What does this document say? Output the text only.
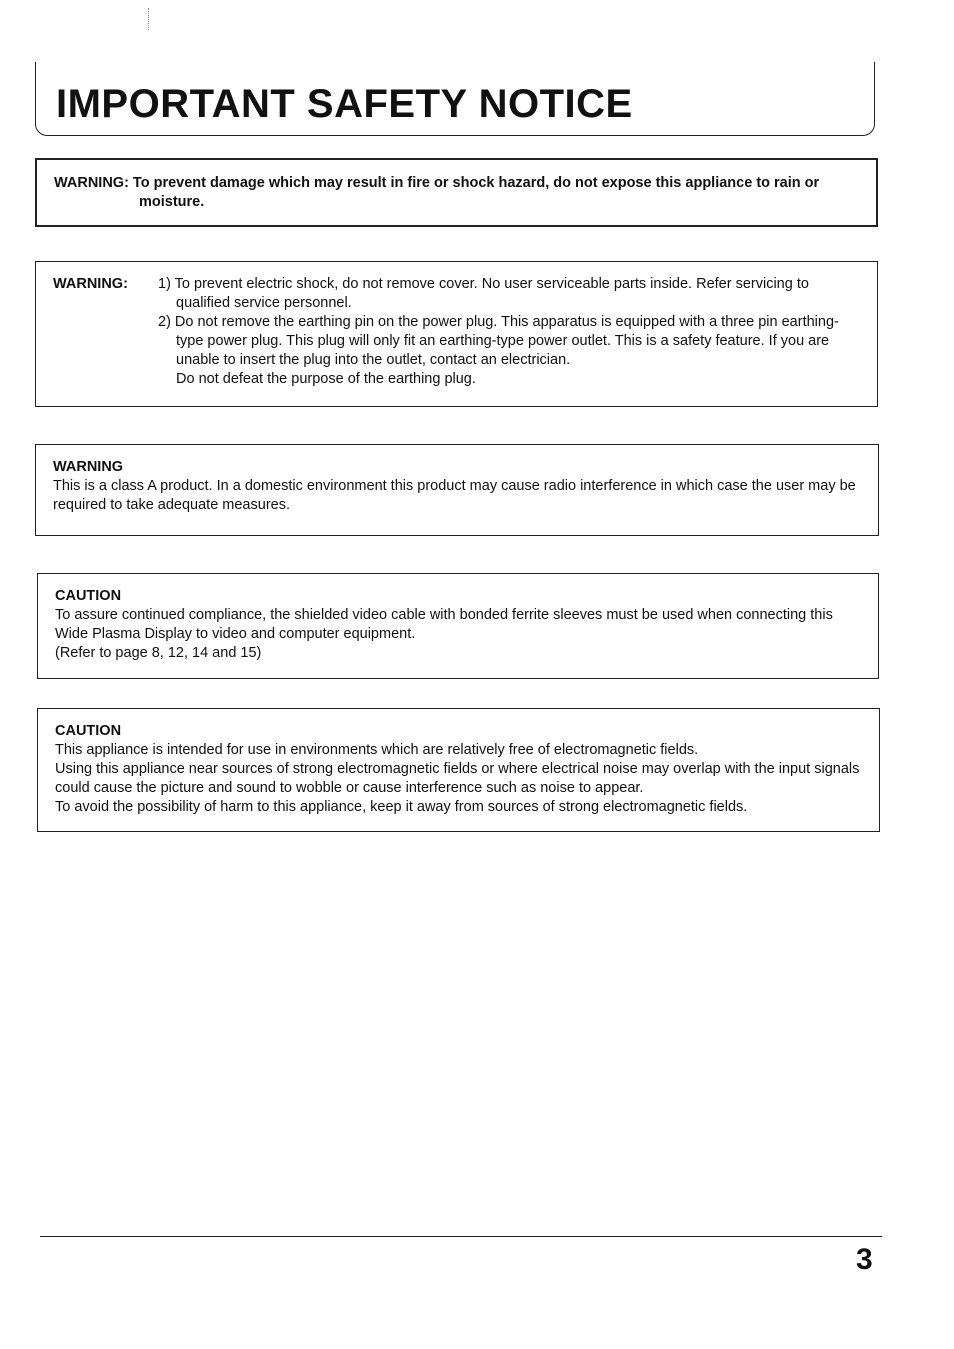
IMPORTANT SAFETY NOTICE
WARNING: To prevent damage which may result in fire or shock hazard, do not expose this appliance to rain or moisture.
WARNING: 1) To prevent electric shock, do not remove cover. No user serviceable parts inside. Refer servicing to qualified service personnel.
2) Do not remove the earthing pin on the power plug. This apparatus is equipped with a three pin earthing-type power plug. This plug will only fit an earthing-type power outlet. This is a safety feature. If you are unable to insert the plug into the outlet, contact an electrician.
Do not defeat the purpose of the earthing plug.
WARNING

This is a class A product. In a domestic environment this product may cause radio interference in which case the user may be required to take adequate measures.

CAUTION

To assure continued compliance, the shielded video cable with bonded ferrite sleeves must be used when connecting this Wide Plasma Display to video and computer equipment.

(Refer to page 8, 12, 14 and 15)

CAUTION

This appliance is intended for use in environments which are relatively free of electromagnetic fields.

Using this appliance near sources of strong electromagnetic fields or where electrical noise may overlap with the input signals could cause the picture and sound to wobble or cause interference such as noise to appear.

To avoid the possibility of harm to this appliance, keep it away from sources of strong electromagnetic fields.

3
